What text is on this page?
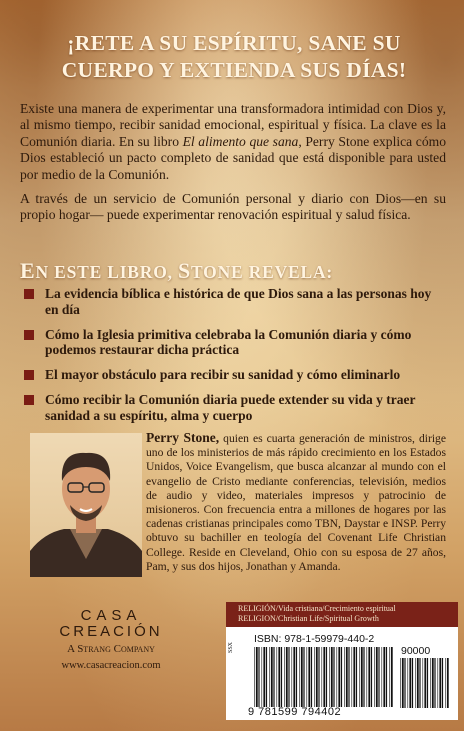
¡RETE A SU ESPÍRITU, SANE SU
CUERPO Y EXTIENDA SUS DÍAS!

Existe una manera de experimentar una transformadora intimidad con Dios y, al mismo tiempo, recibir sanidad emocional, espiritual y física. La clave es la Comunión diaria. En su libro El alimento que sana, Perry Stone explica cómo Dios estableció un pacto completo de sanidad que está disponible para usted por medio de la Comunión.

A través de un servicio de Comunión personal y diario con Dios—en su propio hogar— puede experimentar renovación espiritual y salud física.

EN ESTE LIBRO, STONE REVELA:
La evidencia bíblica e histórica de que Dios sana a las personas hoy en día
Cómo la Iglesia primitiva celebraba la Comunión diaria y cómo podemos restaurar dicha práctica
El mayor obstáculo para recibir su sanidad y cómo eliminarlo
Cómo recibir la Comunión diaria puede extender su vida y traer sanidad a su espíritu, alma y cuerpo
Perry Stone, quien es cuarta generación de ministros, dirige uno de los ministerios de más rápido crecimiento en los Estados Unidos, Voice Evangelism, que busca alcanzar al mundo con el evangelio de Cristo mediante conferencias, televisión, medios de audio y video, materiales impresos y patrocinio de misioneros. Con frecuencia entra a millones de hogares por las cadenas cristianas principales como TBN, Daystar e INSP. Perry obtuvo su bachiller en teología del Covenant Life Christian College. Reside en Cleveland, Ohio con su esposa de 27 años, Pam, y sus dos hijos, Jonathan y Amanda.
CASA
CREACIÓN
A Strang Company
www.casacreacion.com
RELIGIÓN/Vida cristiana/Crecimiento espiritual
RELIGION/Christian Life/Spiritual Growth
SSX
ISBN: 978-1-59979-440-2
90000
9 781599 794402
